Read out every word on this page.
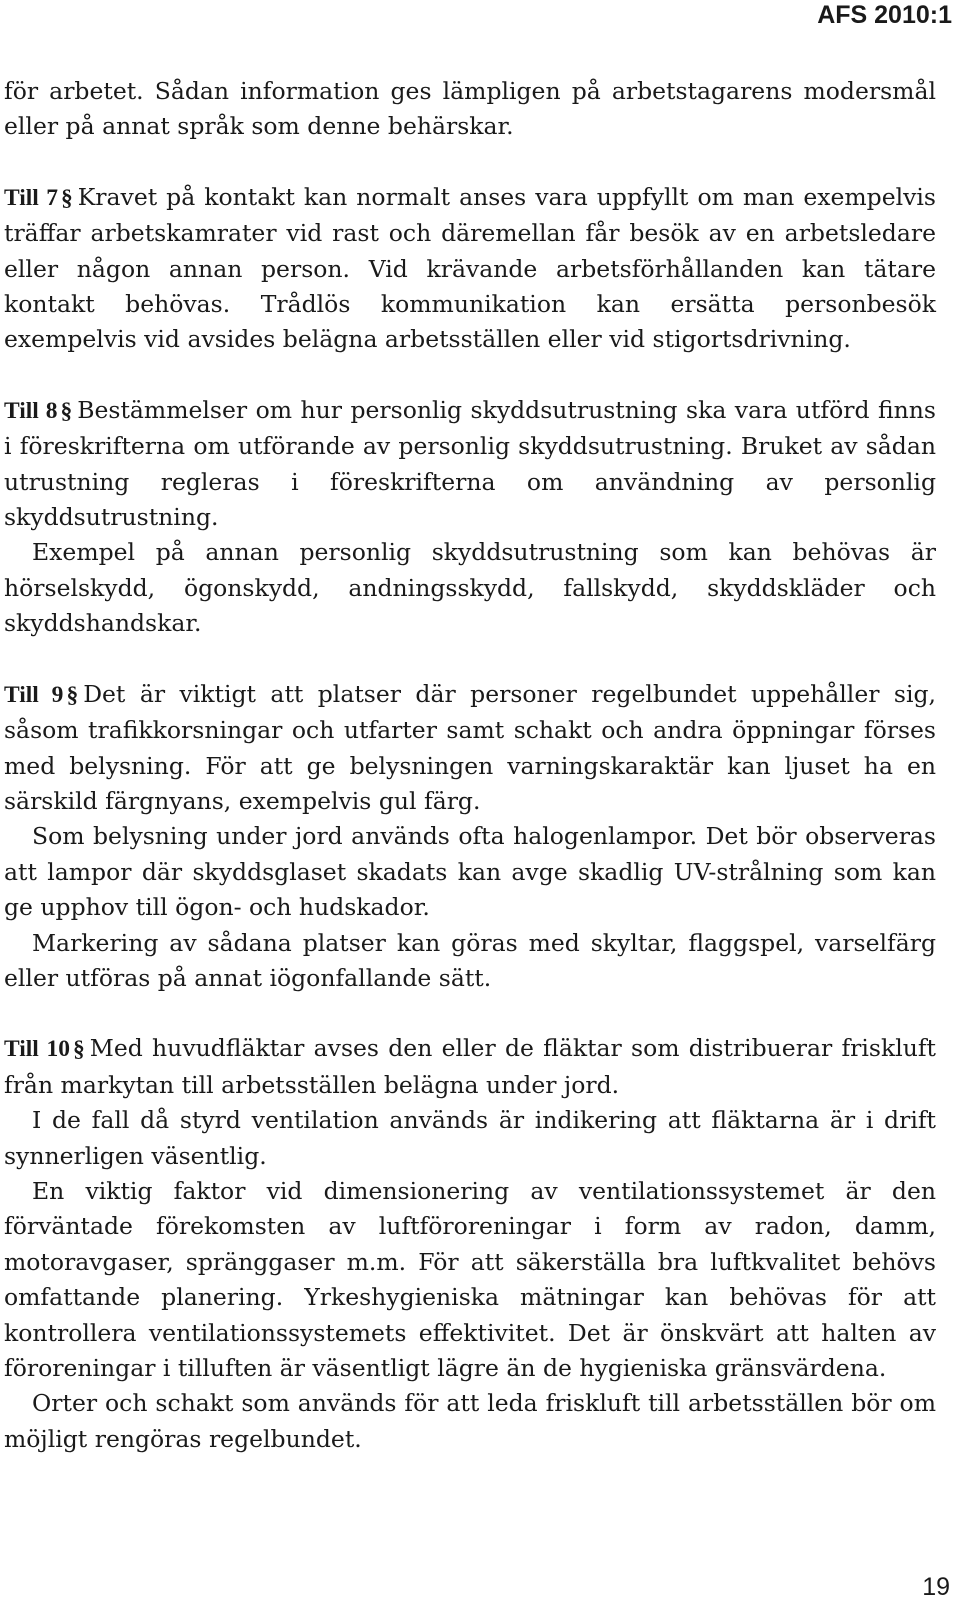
AFS 2010:1

för arbetet. Sådan information ges lämpligen på arbetstagarens modersmål eller på annat språk som denne behärskar.

Till 7 § Kravet på kontakt kan normalt anses vara uppfyllt om man exempelvis träffar arbetskamrater vid rast och däremellan får besök av en arbetsledare eller någon annan person. Vid krävande arbetsförhållanden kan tätare kontakt behövas. Trådlös kommunikation kan ersätta personbesök exempelvis vid avsides belägna arbetsställen eller vid stigortsdrivning.

Till 8 § Bestämmelser om hur personlig skyddsutrustning ska vara utförd finns i föreskrifterna om utförande av personlig skyddsutrustning. Bruket av sådan utrustning regleras i föreskrifterna om användning av personlig skyddsutrustning.

Exempel på annan personlig skyddsutrustning som kan behövas är hörselskydd, ögonskydd, andningsskydd, fallskydd, skyddskläder och skyddshandskar.

Till 9 § Det är viktigt att platser där personer regelbundet uppehåller sig, såsom trafikkorsningar och utfarter samt schakt och andra öppningar förses med belysning. För att ge belysningen varningskaraktär kan ljuset ha en särskild färgnyans, exempelvis gul färg.

Som belysning under jord används ofta halogenlampor. Det bör observeras att lampor där skyddsglaset skadats kan avge skadlig UV-strålning som kan ge upphov till ögon- och hudskador.

Markering av sådana platser kan göras med skyltar, flaggspel, varselfärg eller utföras på annat iögonfallande sätt.

Till 10 § Med huvudfläktar avses den eller de fläktar som distribuerar friskluft från markytan till arbetsställen belägna under jord.

I de fall då styrd ventilation används är indikering att fläktarna är i drift synnerligen väsentlig.

En viktig faktor vid dimensionering av ventilationssystemet är den förväntade förekomsten av luftföroreningar i form av radon, damm, motoravgaser, spränggaser m.m. För att säkerställa bra luftkvalitet behövs omfattande planering. Yrkeshygieniska mätningar kan behövas för att kontrollera ventilationssystemets effektivitet. Det är önskvärt att halten av föroreningar i tilluften är väsentligt lägre än de hygieniska gränsvärdena.

Orter och schakt som används för att leda friskluft till arbetsställen bör om möjligt rengöras regelbundet.

19
